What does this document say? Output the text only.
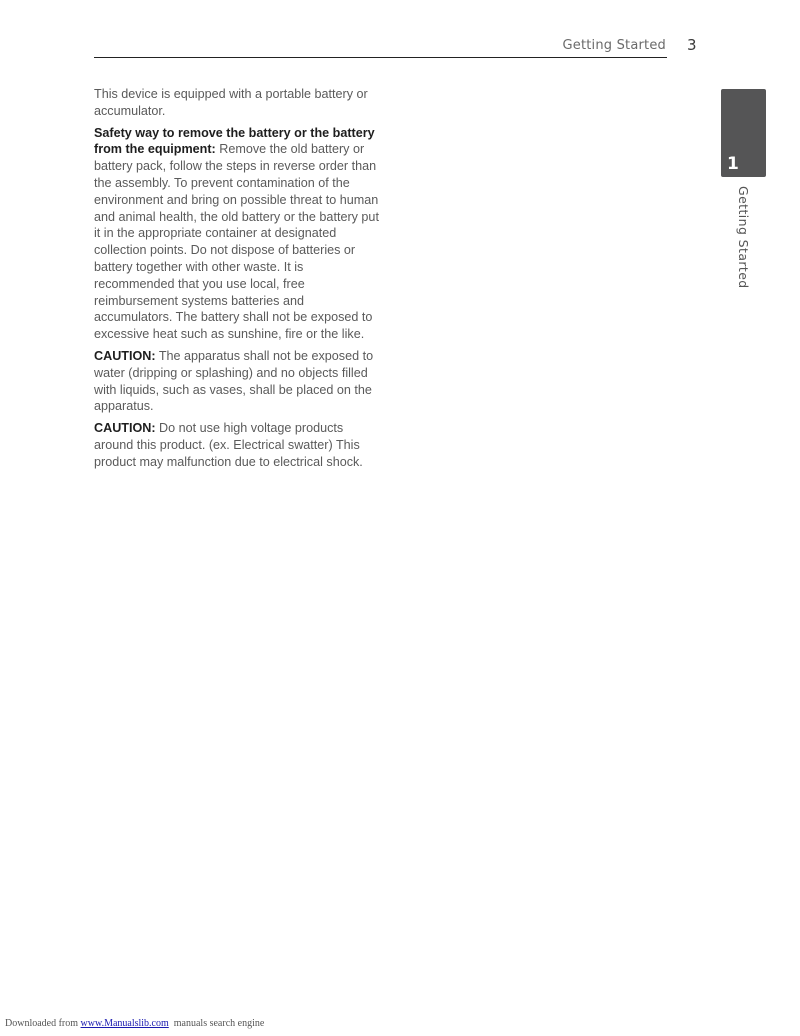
Getting Started 3
1
Getting Started

This device is equipped with a portable battery or accumulator.

Safety way to remove the battery or the battery from the equipment: Remove the old battery or battery pack, follow the steps in reverse order than the assembly. To prevent contamination of the environment and bring on possible threat to human and animal health, the old battery or the battery put it in the appropriate container at designated collection points. Do not dispose of batteries or battery together with other waste. It is recommended that you use local, free reimbursement systems batteries and accumulators. The battery shall not be exposed to excessive heat such as sunshine, fire or the like.

CAUTION: The apparatus shall not be exposed to water (dripping or splashing) and no objects filled with liquids, such as vases, shall be placed on the apparatus.

CAUTION: Do not use high voltage products around this product. (ex. Electrical swatter) This product may malfunction due to electrical shock.

Downloaded from www.Manualslib.com  manuals search engine
